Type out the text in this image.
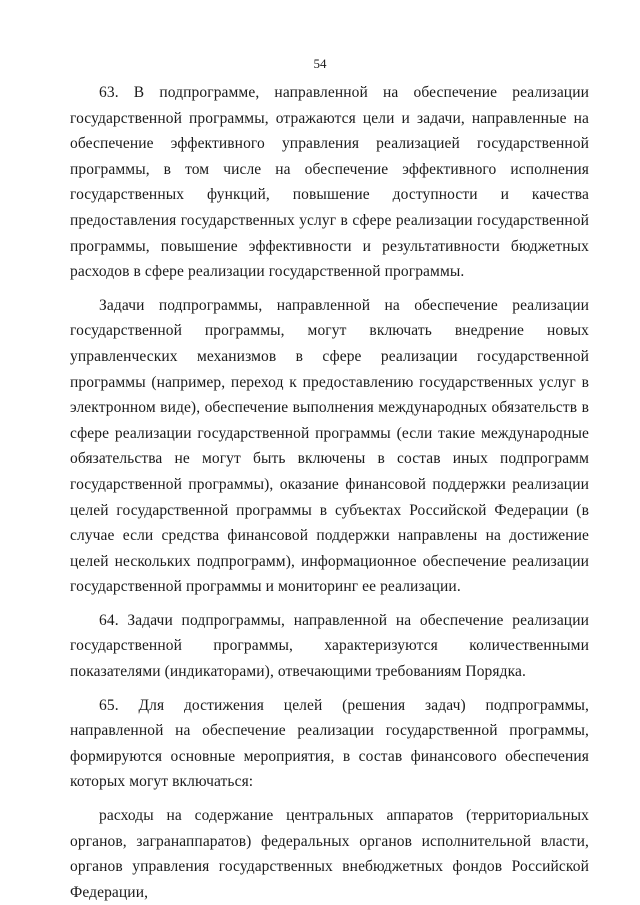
54

63. В подпрограмме, направленной на обеспечение реализации государственной программы, отражаются цели и задачи, направленные на обеспечение эффективного управления реализацией государственной программы, в том числе на обеспечение эффективного исполнения государственных функций, повышение доступности и качества предоставления государственных услуг в сфере реализации государственной программы, повышение эффективности и результативности бюджетных расходов в сфере реализации государственной программы.

Задачи подпрограммы, направленной на обеспечение реализации государственной программы, могут включать внедрение новых управленческих механизмов в сфере реализации государственной программы (например, переход к предоставлению государственных услуг в электронном виде), обеспечение выполнения международных обязательств в сфере реализации государственной программы (если такие международные обязательства не могут быть включены в состав иных подпрограмм государственной программы), оказание финансовой поддержки реализации целей государственной программы в субъектах Российской Федерации (в случае если средства финансовой поддержки направлены на достижение целей нескольких подпрограмм), информационное обеспечение реализации государственной программы и мониторинг ее реализации.

64. Задачи подпрограммы, направленной на обеспечение реализации государственной программы, характеризуются количественными показателями (индикаторами), отвечающими требованиям Порядка.

65. Для достижения целей (решения задач) подпрограммы, направленной на обеспечение реализации государственной программы, формируются основные мероприятия, в состав финансового обеспечения которых могут включаться:

расходы на содержание центральных аппаратов (территориальных органов, загранаппаратов) федеральных органов исполнительной власти, органов управления государственных внебюджетных фондов Российской Федерации,
